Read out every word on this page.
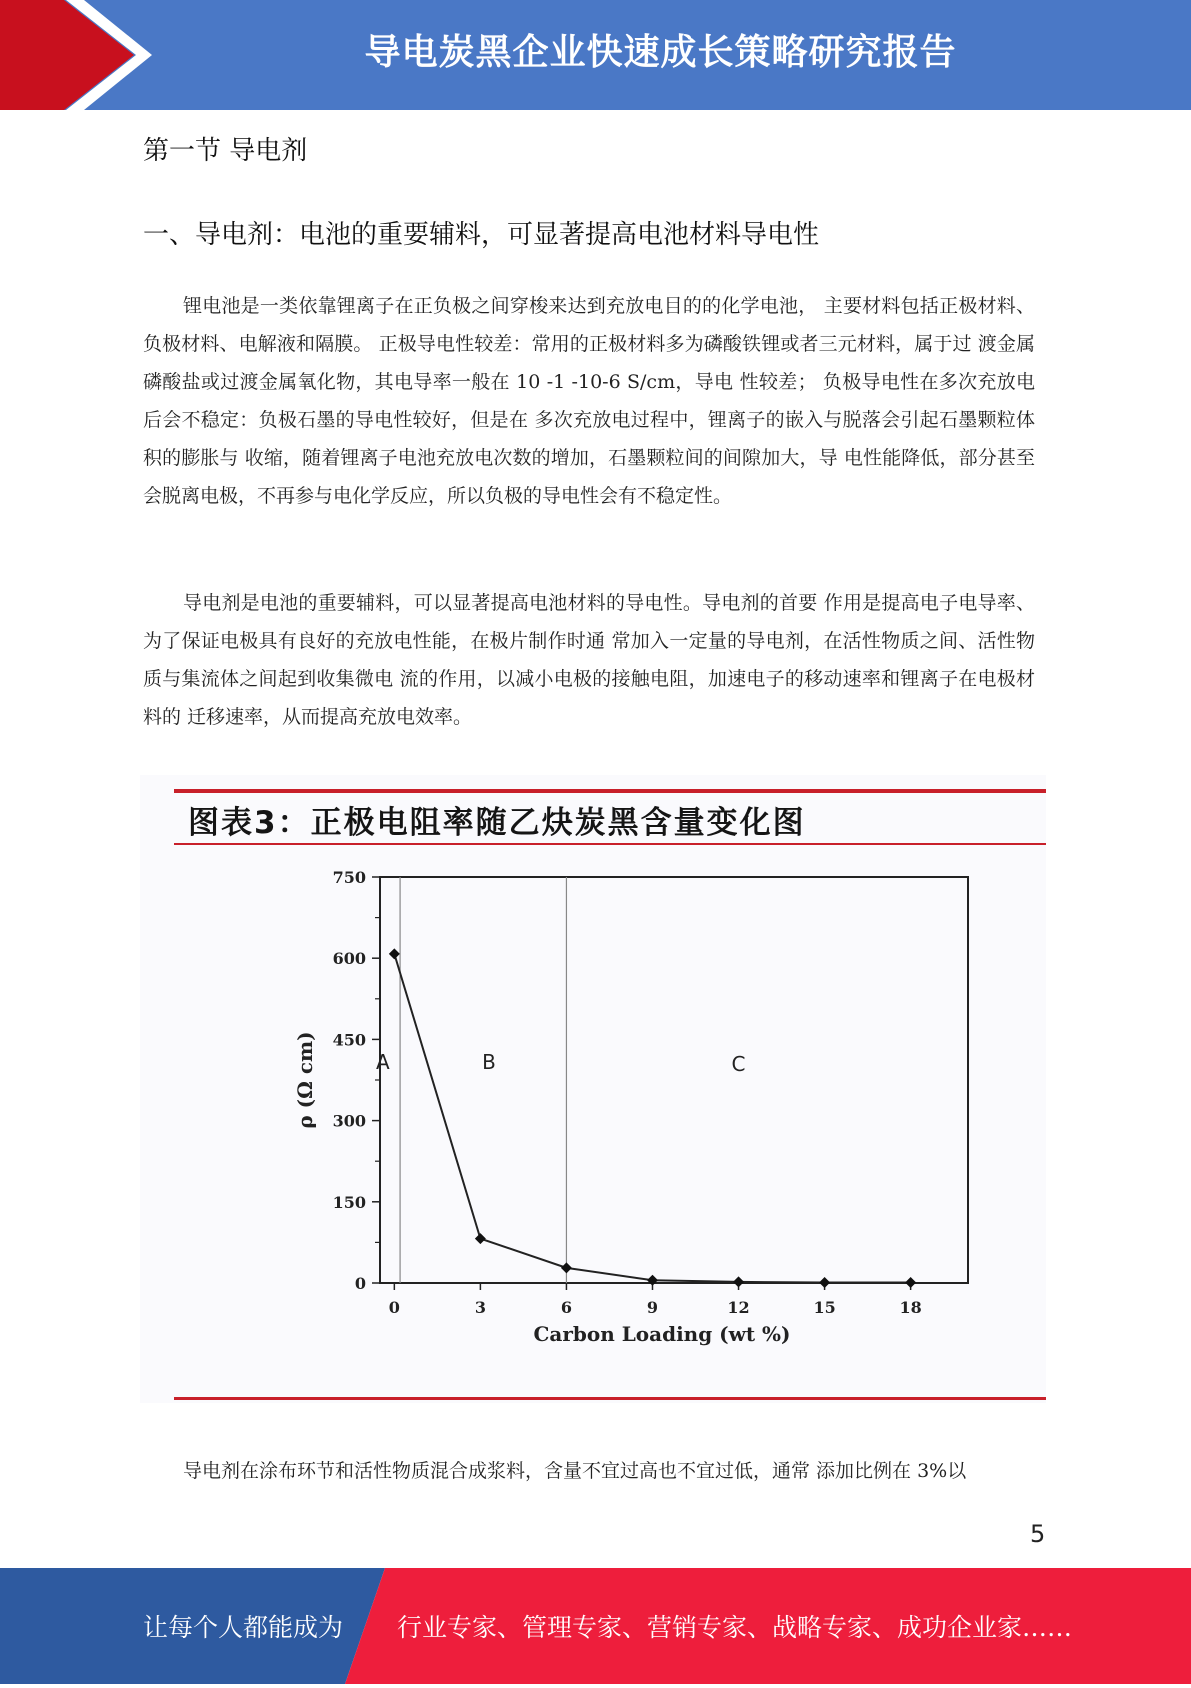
导电炭黑企业快速成长策略研究报告
第一节 导电剂
一、导电剂：电池的重要辅料，可显著提高电池材料导电性

锂电池是一类依靠锂离子在正负极之间穿梭来达到充放电目的的化学电池， 主要材料包括正极材料、负极材料、电解液和隔膜。 正极导电性较差：常用的正极材料多为磷酸铁锂或者三元材料，属于过 渡金属磷酸盐或过渡金属氧化物，其电导率一般在 10 -1 -10-6 S/cm，导电 性较差； 负极导电性在多次充放电后会不稳定：负极石墨的导电性较好，但是在 多次充放电过程中，锂离子的嵌入与脱落会引起石墨颗粒体积的膨胀与 收缩，随着锂离子电池充放电次数的增加，石墨颗粒间的间隙加大，导 电性能降低，部分甚至会脱离电极，不再参与电化学反应，所以负极的导电性会有不稳定性。

导电剂是电池的重要辅料，可以显著提高电池材料的导电性。导电剂的首要 作用是提高电子电导率、为了保证电极具有良好的充放电性能，在极片制作时通 常加入一定量的导电剂，在活性物质之间、活性物质与集流体之间起到收集微电 流的作用，以减小电极的接触电阻，加速电子的移动速率和锂离子在电极材料的 迁移速率，从而提高充放电效率。

图表3：正极电阻率随乙炔炭黑含量变化图
0
150
300
450
600
750
0	3	6	9	12	15	18
Carbon Loading (wt %)
ρ (Ω cm)	A	B	C

导电剂在涂布环节和活性物质混合成浆料，含量不宜过高也不宜过低，通常 添加比例在 3%以

5
让每个人都能成为 行业专家、管理专家、营销专家、战略专家、成功企业家……
